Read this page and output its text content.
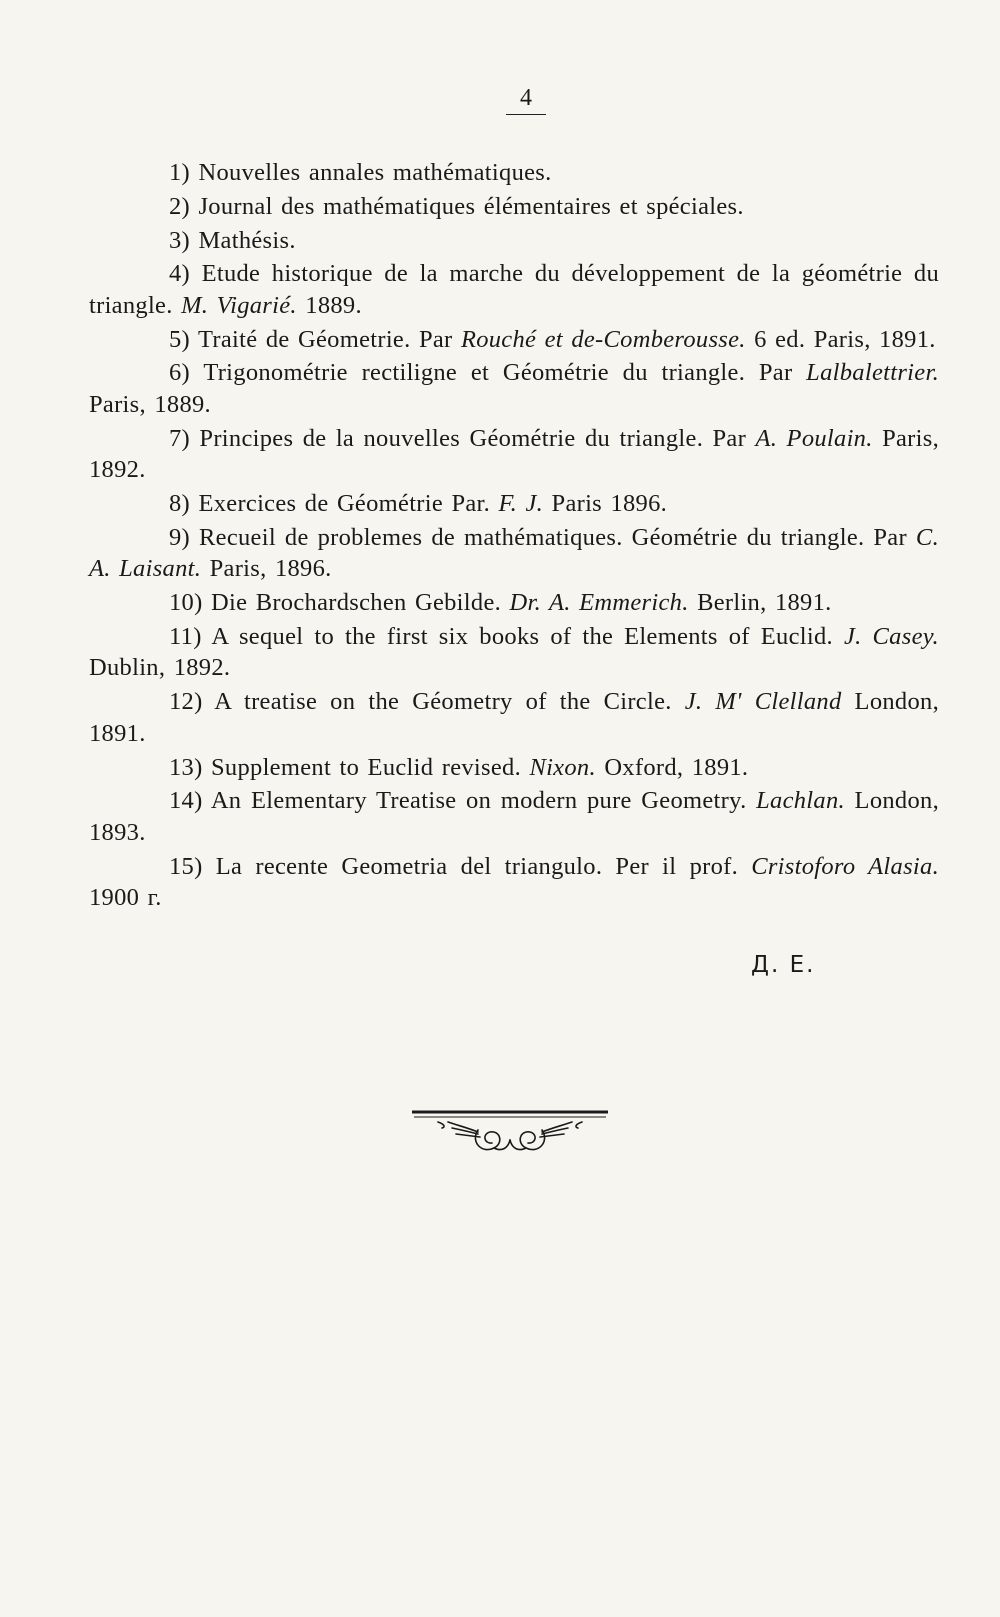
4

1) Nouvelles annales mathématiques.

2) Journal des mathématiques élémentaires et spéciales.

3) Mathésis.

4) Etude historique de la marche du développement de la géométrie du triangle. M. Vigarié. 1889.

5) Traité de Géometrie. Par Rouché et de-Comberousse. 6 ed. Paris, 1891.

6) Trigonométrie rectiligne et Géométrie du triangle. Par Lalbalettrier. Paris, 1889.

7) Principes de la nouvelles Géométrie du triangle. Par A. Poulain. Paris, 1892.

8) Exercices de Géométrie Par. F. J. Paris 1896.

9) Recueil de problemes de mathématiques. Géométrie du triangle. Par C. A. Laisant. Paris, 1896.

10) Die Brochardschen Gebilde. Dr. A. Emmerich. Berlin, 1891.

11) A sequel to the first six books of the Elements of Euclid. J. Casey. Dublin, 1892.

12) A treatise on the Géometry of the Circle. J. M' Clelland London, 1891.

13) Supplement to Euclid revised. Nixon. Oxford, 1891.

14) An Elementary Treatise on modern pure Geometry. Lachlan. London, 1893.

15) La recente Geometria del triangulo. Per il prof. Cristoforo Alasia. 1900 г.

Д. Е.
